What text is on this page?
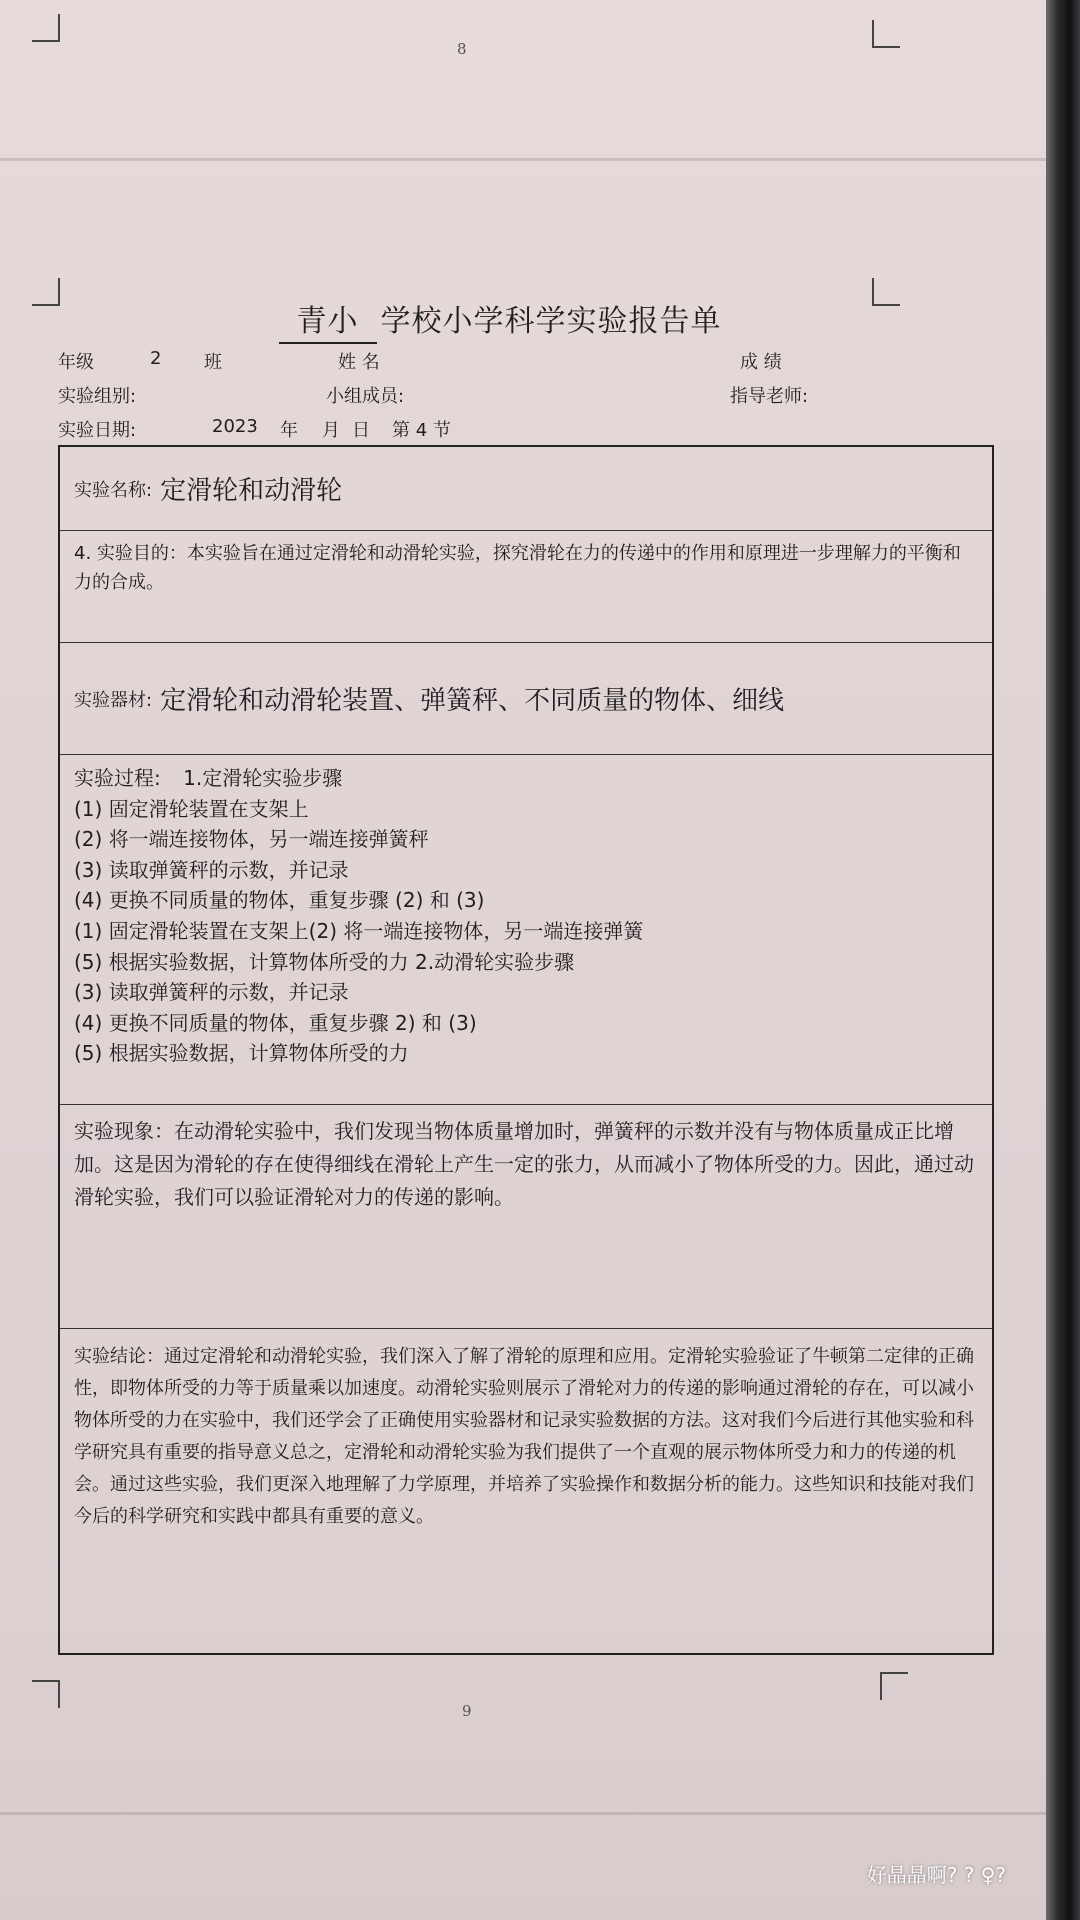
8
9
青小 学校小学科学实验报告单
年级	2 班	姓 名	成 绩
实验组别:	小组成员:	指导老师:
实验日期:	2023 年 月 日 第 4 节
实验名称: 定滑轮和动滑轮
4. 实验目的：本实验旨在通过定滑轮和动滑轮实验，探究滑轮在力的传递中的作用和原理进一步理解力的平衡和力的合成。
实验器材: 定滑轮和动滑轮装置、弹簧秤、不同质量的物体、细线
实验过程: 1.定滑轮实验步骤
(1) 固定滑轮装置在支架上
(2) 将一端连接物体，另一端连接弹簧秤
(3) 读取弹簧秤的示数，并记录
(4) 更换不同质量的物体，重复步骤 (2) 和 (3)
(1) 固定滑轮装置在支架上(2) 将一端连接物体，另一端连接弹簧
(5) 根据实验数据，计算物体所受的力 2.动滑轮实验步骤
(3) 读取弹簧秤的示数，并记录
(4) 更换不同质量的物体，重复步骤 2) 和 (3)
(5) 根据实验数据，计算物体所受的力
实验现象：在动滑轮实验中，我们发现当物体质量增加时，弹簧秤的示数并没有与物体质量成正比增加。这是因为滑轮的存在使得细线在滑轮上产生一定的张力，从而减小了物体所受的力。因此，通过动滑轮实验，我们可以验证滑轮对力的传递的影响。
实验结论：通过定滑轮和动滑轮实验，我们深入了解了滑轮的原理和应用。定滑轮实验验证了牛顿第二定律的正确性，即物体所受的力等于质量乘以加速度。动滑轮实验则展示了滑轮对力的传递的影响通过滑轮的存在，可以减小物体所受的力在实验中，我们还学会了正确使用实验器材和记录实验数据的方法。这对我们今后进行其他实验和科学研究具有重要的指导意义总之，定滑轮和动滑轮实验为我们提供了一个直观的展示物体所受力和力的传递的机会。通过这些实验，我们更深入地理解了力学原理，并培养了实验操作和数据分析的能力。这些知识和技能对我们今后的科学研究和实践中都具有重要的意义。
好晶晶啊? ? ♀?
